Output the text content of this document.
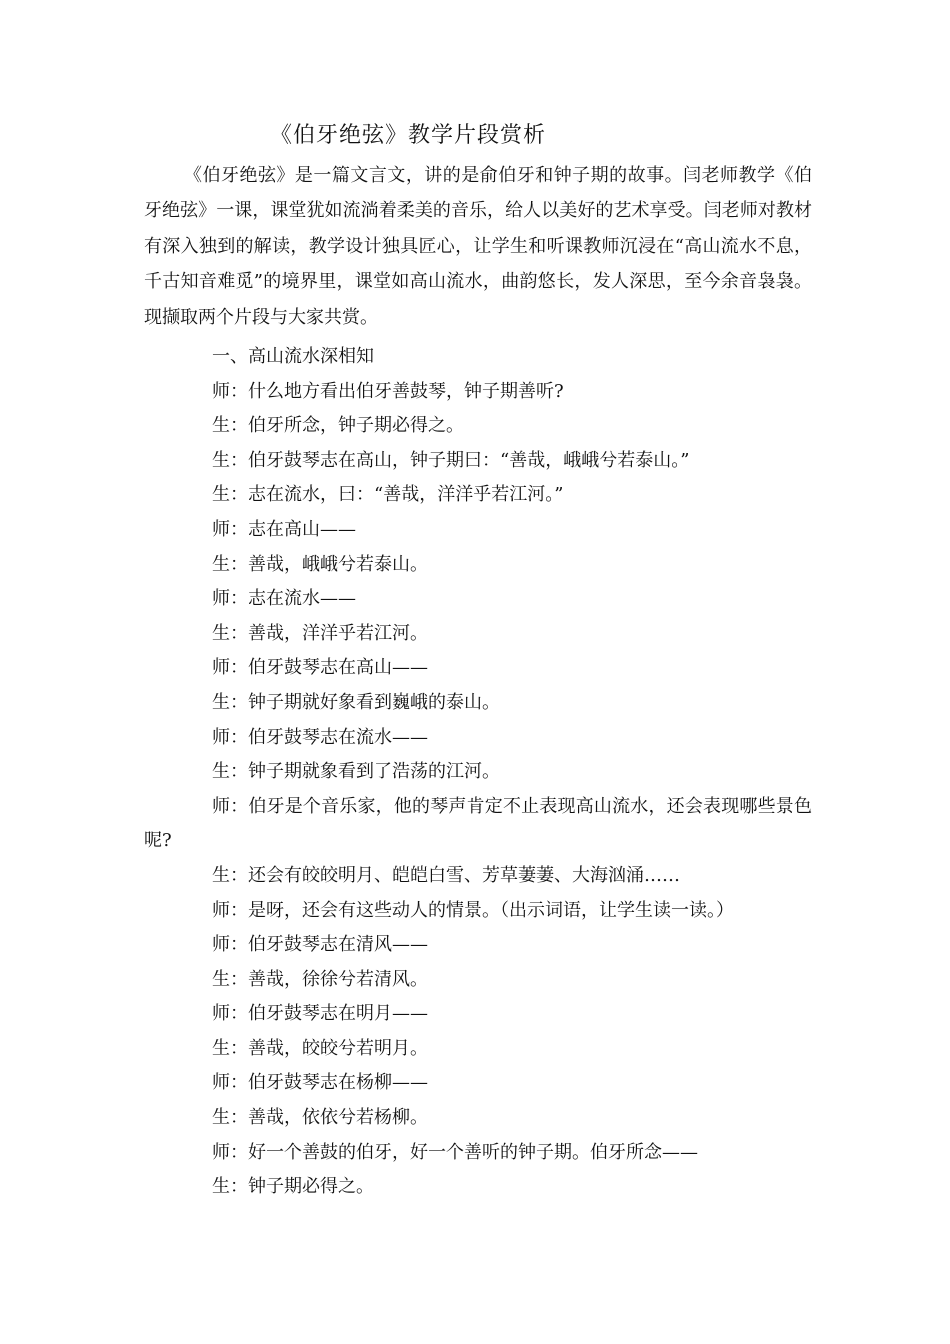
《伯牙绝弦》教学片段赏析

《伯牙绝弦》是一篇文言文，讲的是俞伯牙和钟子期的故事。闫老师教学《伯牙绝弦》一课，课堂犹如流淌着柔美的音乐，给人以美好的艺术享受。闫老师对教材有深入独到的解读，教学设计独具匠心，让学生和听课教师沉浸在“高山流水不息，千古知音难觅”的境界里，课堂如高山流水，曲韵悠长，发人深思，至今余音袅袅。现撷取两个片段与大家共赏。

一、高山流水深相知
师：什么地方看出伯牙善鼓琴，钟子期善听?
生：伯牙所念，钟子期必得之。
生：伯牙鼓琴志在高山，钟子期曰：“善哉，峨峨兮若泰山。”
生：志在流水，曰：“善哉，洋洋乎若江河。”
师：志在高山——
生：善哉，峨峨兮若泰山。
师：志在流水——
生：善哉，洋洋乎若江河。
师：伯牙鼓琴志在高山——
生：钟子期就好象看到巍峨的泰山。
师：伯牙鼓琴志在流水——
生：钟子期就象看到了浩荡的江河。
师：伯牙是个音乐家，他的琴声肯定不止表现高山流水，还会表现哪些景色呢?
生：还会有皎皎明月、皑皑白雪、芳草萋萋、大海汹涌……
师：是呀，还会有这些动人的情景。（出示词语，让学生读一读。）
师：伯牙鼓琴志在清风——
生：善哉，徐徐兮若清风。
师：伯牙鼓琴志在明月——
生：善哉，皎皎兮若明月。
师：伯牙鼓琴志在杨柳——
生：善哉，依依兮若杨柳。
师：好一个善鼓的伯牙，好一个善听的钟子期。伯牙所念——
生：钟子期必得之。
